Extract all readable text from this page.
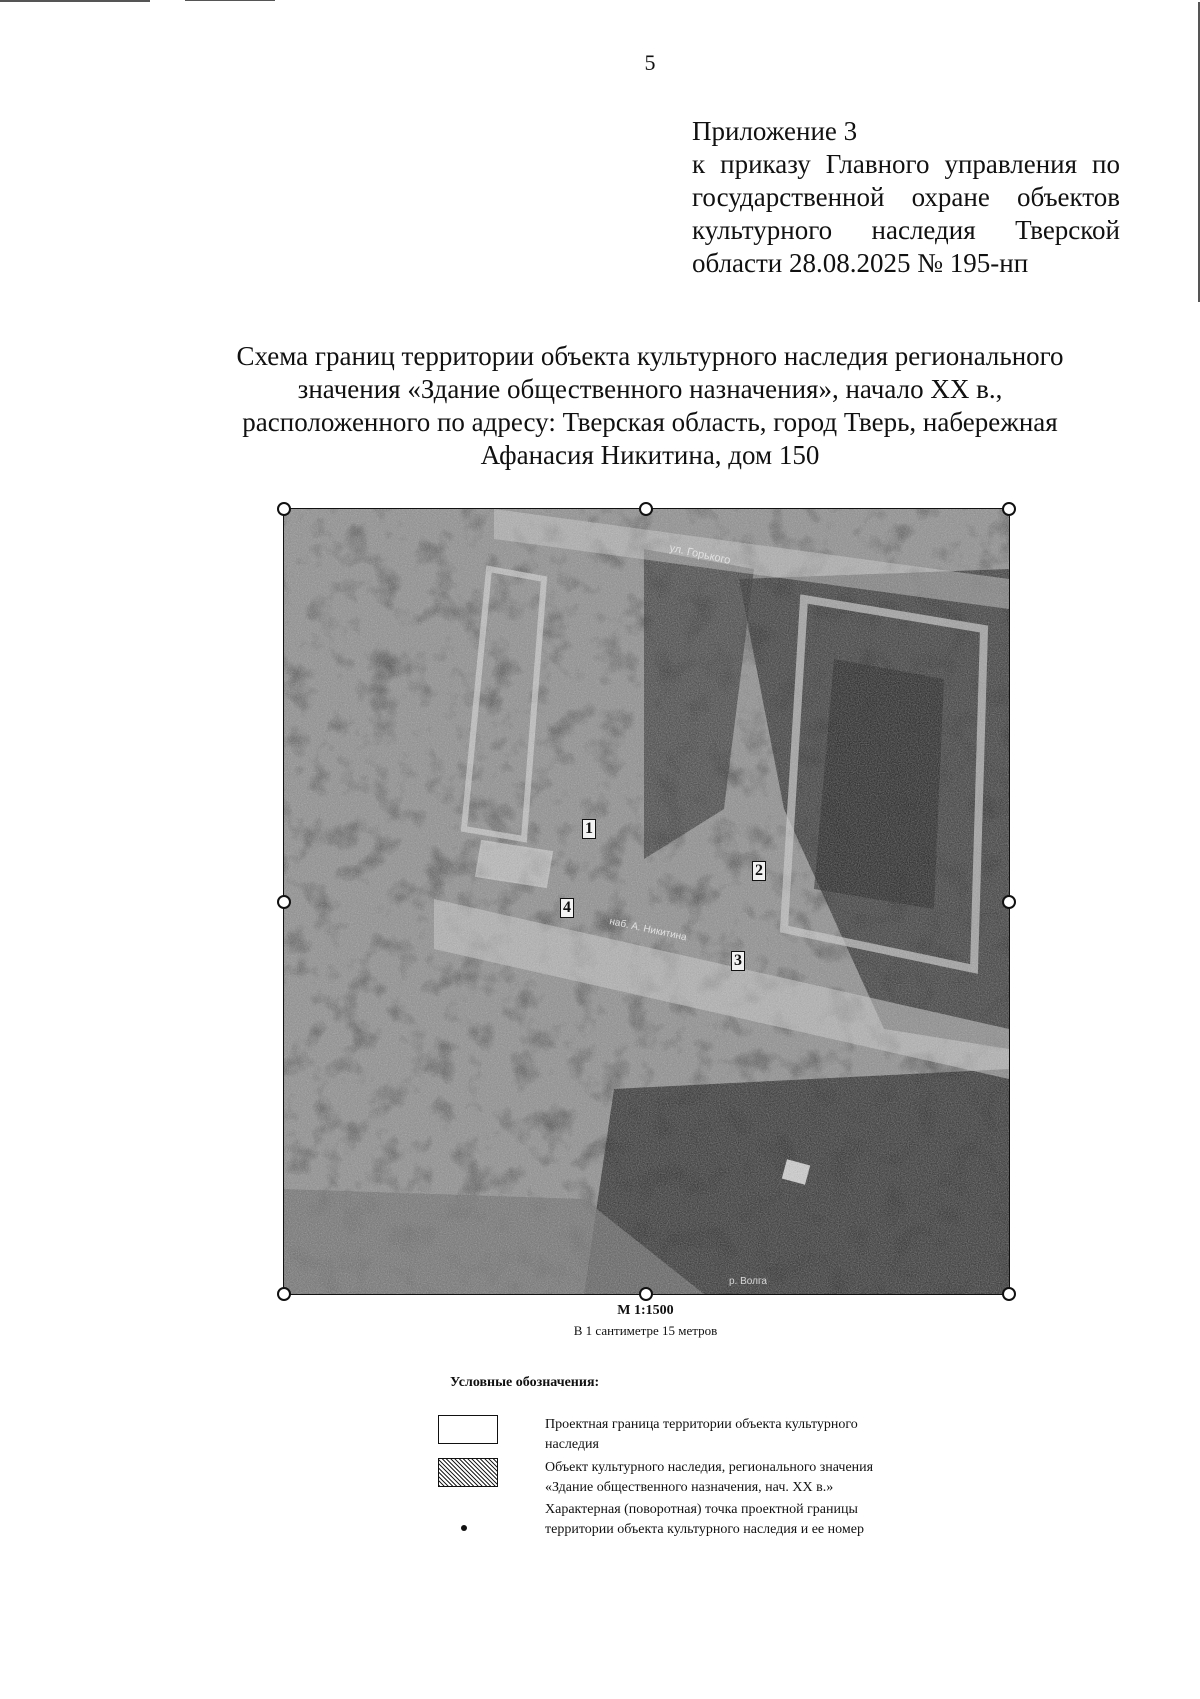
5
Приложение 3
к приказу Главного управления по
государственной охране объектов
культурного наследия Тверской
области 28.08.2025 № 195-нп
Схема границ территории объекта культурного наследия регионального
значения «Здание общественного назначения», начало XX в.,
расположенного по адресу: Тверская область, город Тверь, набережная
Афанасия Никитина, дом 150
1
2
3
4
М 1:1500
В 1 сантиметре 15 метров
Условные обозначения:
Проектная граница территории объекта культурного
наследия
Объект культурного наследия, регионального значения
«Здание общественного назначения, нач. XX в.»
Характерная (поворотная) точка проектной границы
территории объекта культурного наследия и ее номер
